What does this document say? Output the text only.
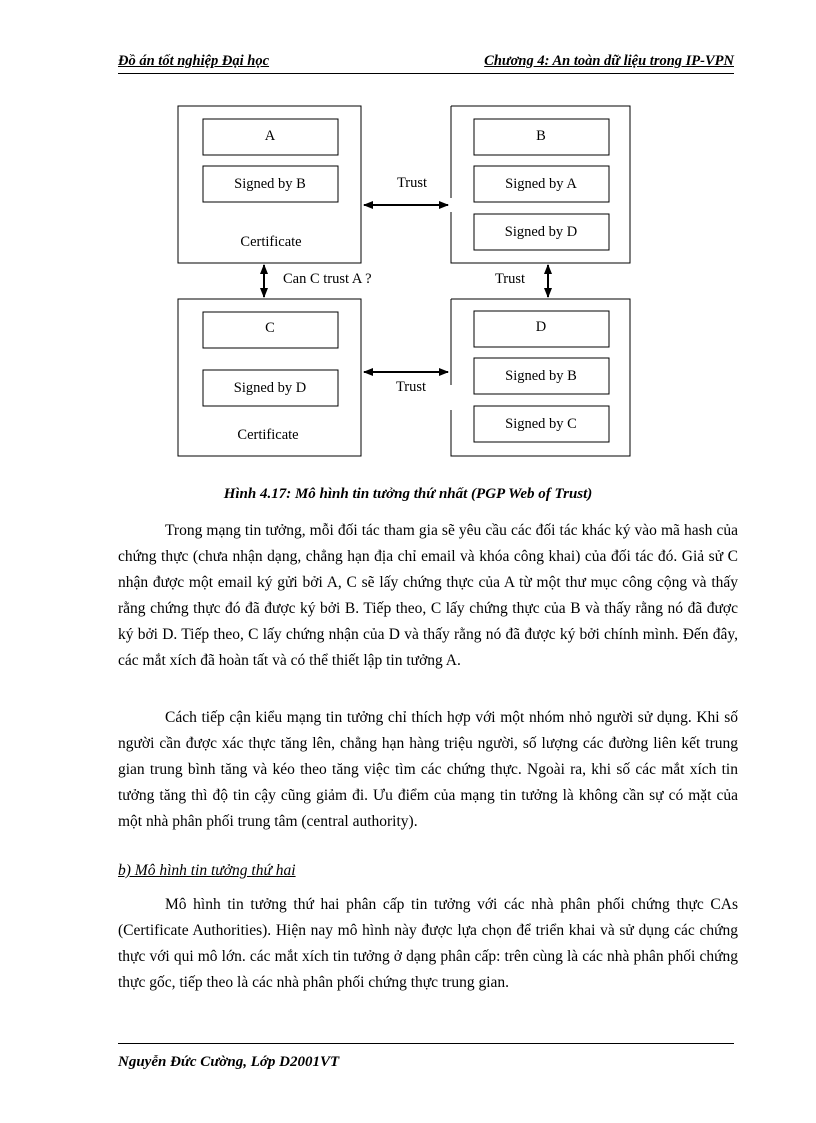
Đồ án tốt nghiệp Đại học	Chương 4: An toàn dữ liệu trong IP-VPN
A
Signed by B
Certificate
B
Signed by A
Signed by D
C
Signed by D
Certificate
D
Signed by B
Signed by C
Trust
Trust
Can C trust A ?	Trust
Hình 4.17: Mô hình tin tưởng thứ nhất (PGP Web of Trust)

Trong mạng tin tưởng, mỗi đối tác tham gia sẽ yêu cầu các đối tác khác ký vào mã hash của chứng thực (chưa nhận dạng, chẳng hạn địa chỉ email và khóa công khai) của đối tác đó. Giả sử C nhận được một email ký gửi bởi A, C sẽ lấy chứng thực của A từ một thư mục công cộng và thấy rằng chứng thực đó đã được ký bởi B. Tiếp theo, C lấy chứng thực của B và thấy rằng nó đã được ký bởi D. Tiếp theo, C lấy chứng nhận của D và thấy rằng nó đã được ký bởi chính mình. Đến đây, các mắt xích đã hoàn tất và có thể thiết lập tin tưởng A.

Cách tiếp cận kiểu mạng tin tưởng chỉ thích hợp với một nhóm nhỏ người sử dụng. Khi số người cần được xác thực tăng lên, chẳng hạn hàng triệu người, số lượng các đường liên kết trung gian trung bình tăng và kéo theo tăng việc tìm các chứng thực. Ngoài ra, khi số các mắt xích tin tưởng tăng thì độ tin cậy cũng giảm đi. Ưu điểm của mạng tin tưởng là không cần sự có mặt của một nhà phân phối trung tâm (central authority).

b) Mô hình tin tưởng thứ hai

Mô hình tin tưởng thứ hai phân cấp tin tưởng với các nhà phân phối chứng thực CAs (Certificate Authorities). Hiện nay mô hình này được lựa chọn để triển khai và sử dụng các chứng thực với qui mô lớn. các mắt xích tin tưởng ở dạng phân cấp: trên cùng là các nhà phân phối chứng thực gốc, tiếp theo là các nhà phân phối chứng thực trung gian.

Nguyễn Đức Cường, Lớp D2001VT
